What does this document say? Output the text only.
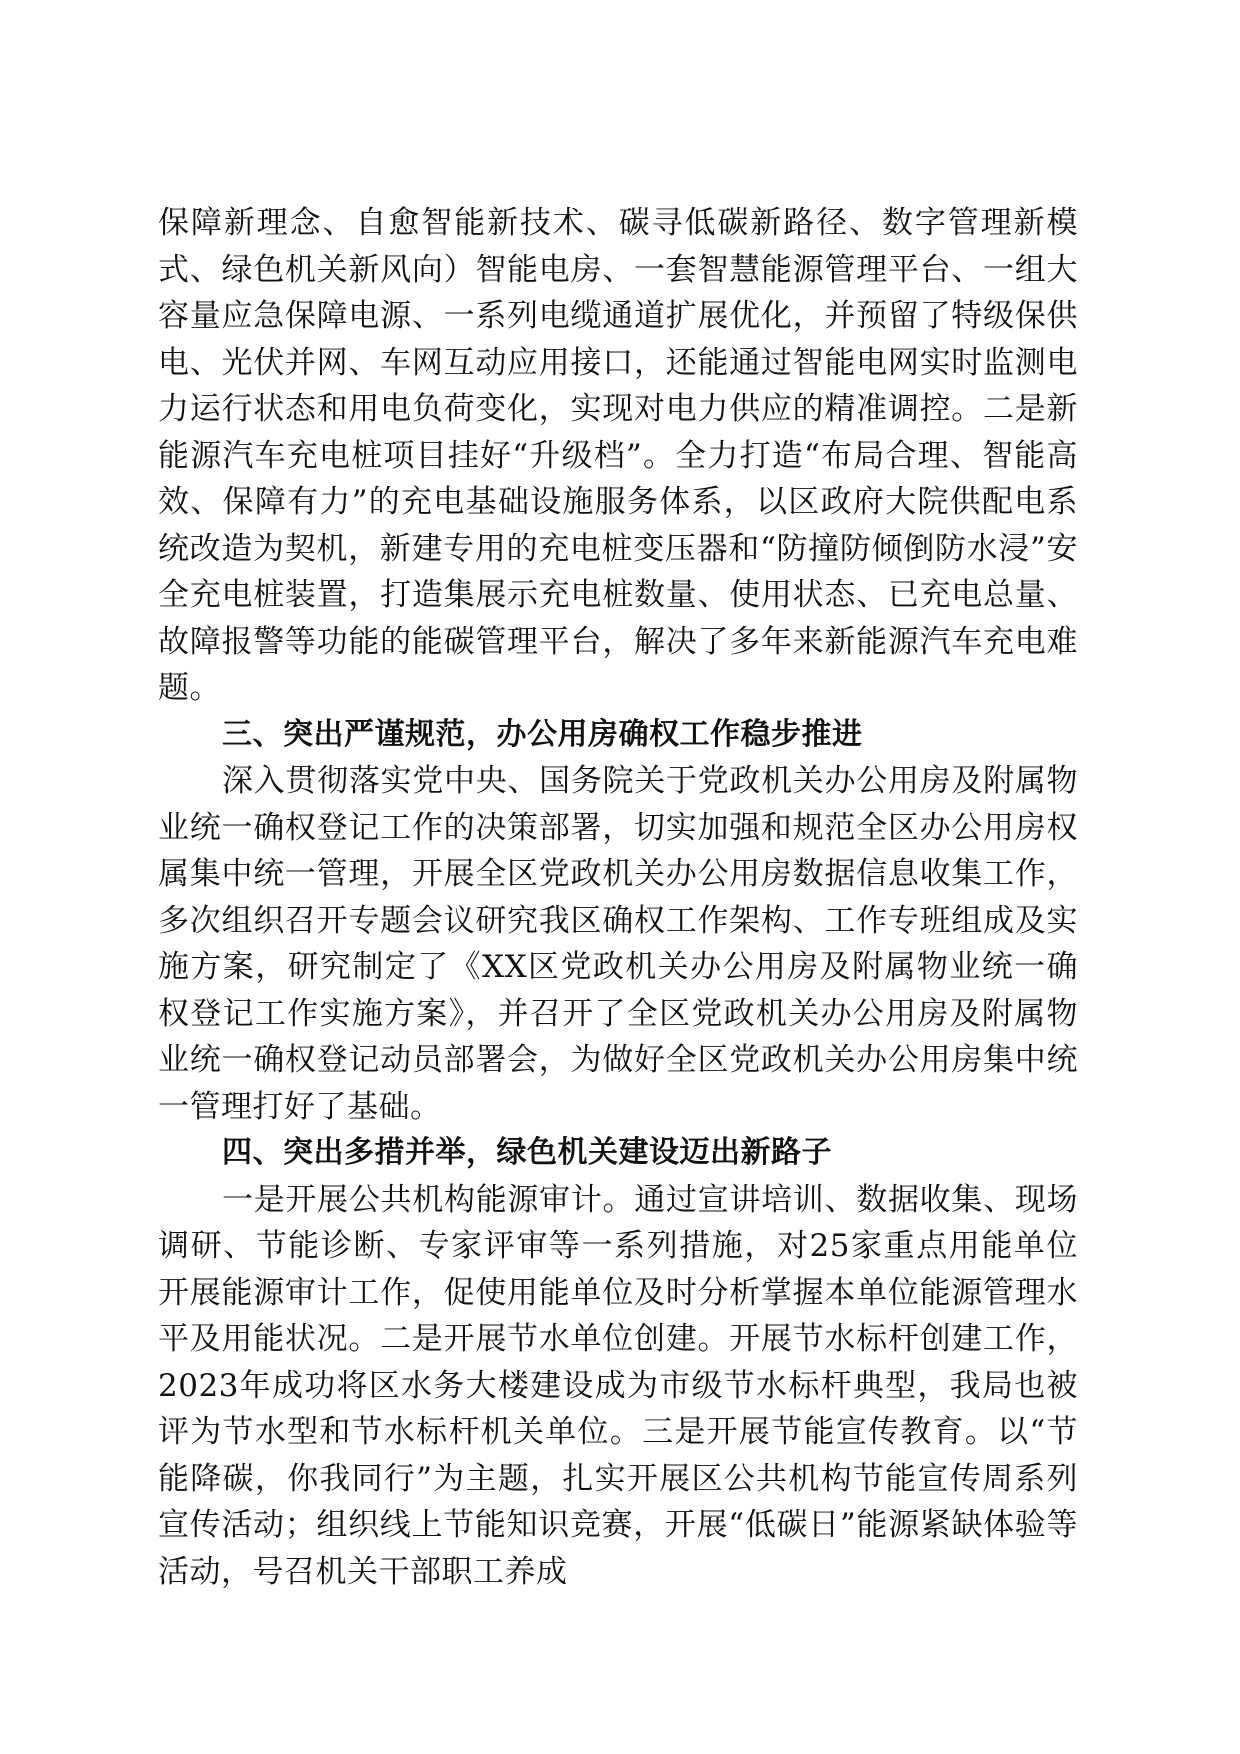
保障新理念、自愈智能新技术、碳寻低碳新路径、数字管理新模式、绿色机关新风向）智能电房、一套智慧能源管理平台、一组大容量应急保障电源、一系列电缆通道扩展优化，并预留了特级保供电、光伏并网、车网互动应用接口，还能通过智能电网实时监测电力运行状态和用电负荷变化，实现对电力供应的精准调控。二是新能源汽车充电桩项目挂好“升级档”。全力打造“布局合理、智能高效、保障有力”的充电基础设施服务体系，以区政府大院供配电系统改造为契机，新建专用的充电桩变压器和“防撞防倾倒防水浸”安全充电桩装置，打造集展示充电桩数量、使用状态、已充电总量、故障报警等功能的能碳管理平台，解决了多年来新能源汽车充电难题。

三、突出严谨规范，办公用房确权工作稳步推进

深入贯彻落实党中央、国务院关于党政机关办公用房及附属物业统一确权登记工作的决策部署，切实加强和规范全区办公用房权属集中统一管理，开展全区党政机关办公用房数据信息收集工作，多次组织召开专题会议研究我区确权工作架构、工作专班组成及实施方案，研究制定了《XX区党政机关办公用房及附属物业统一确权登记工作实施方案》，并召开了全区党政机关办公用房及附属物业统一确权登记动员部署会，为做好全区党政机关办公用房集中统一管理打好了基础。

四、突出多措并举，绿色机关建设迈出新路子

一是开展公共机构能源审计。通过宣讲培训、数据收集、现场调研、节能诊断、专家评审等一系列措施，对25家重点用能单位开展能源审计工作，促使用能单位及时分析掌握本单位能源管理水平及用能状况。二是开展节水单位创建。开展节水标杆创建工作，2023年成功将区水务大楼建设成为市级节水标杆典型，我局也被评为节水型和节水标杆机关单位。三是开展节能宣传教育。以“节能降碳，你我同行”为主题，扎实开展区公共机构节能宣传周系列宣传活动；组织线上节能知识竞赛，开展“低碳日”能源紧缺体验等活动，号召机关干部职工养成
